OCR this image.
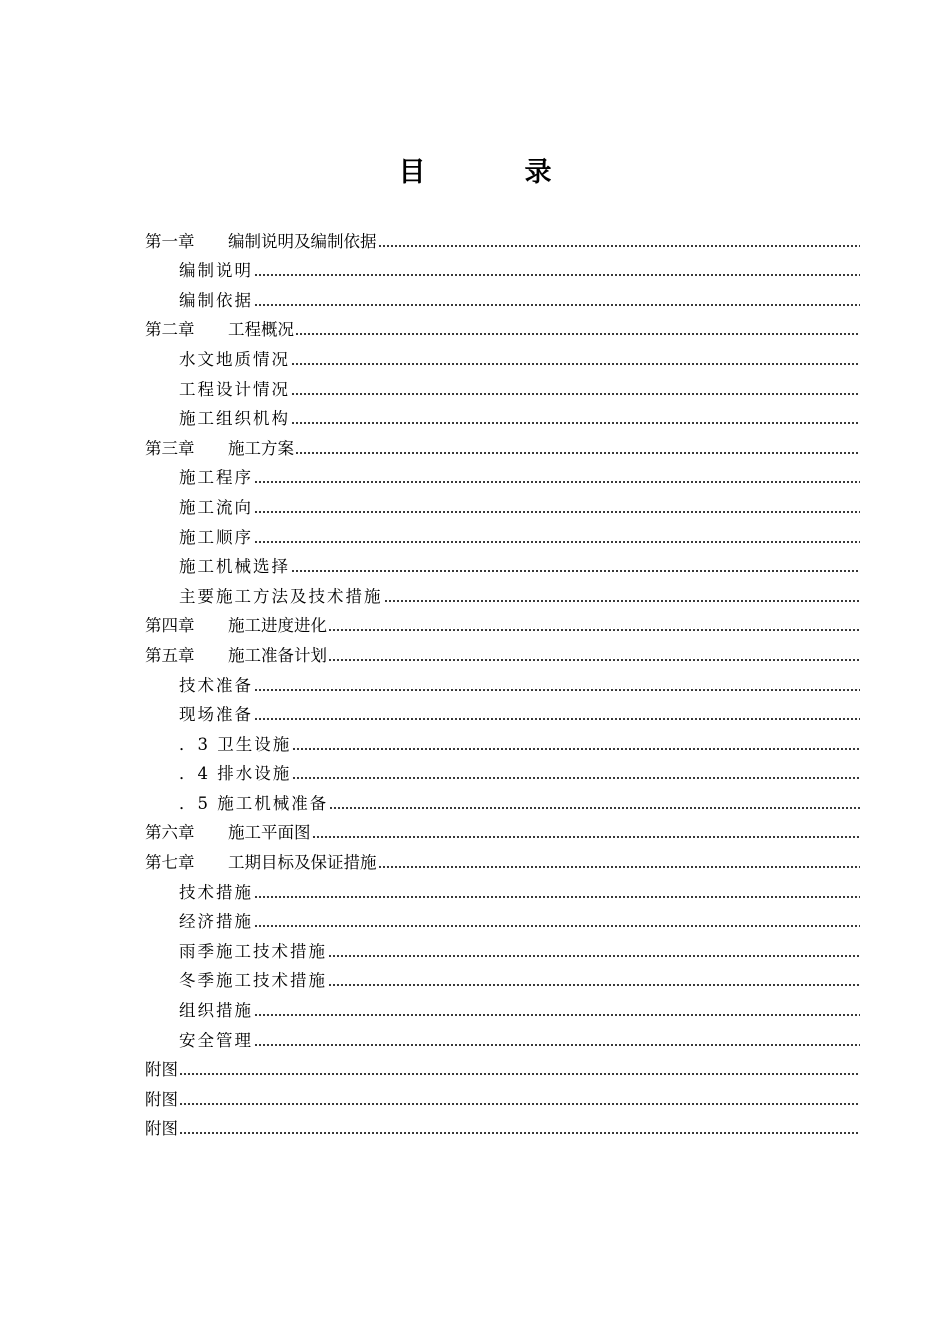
目　录
第一章	编制说明及编制依据
编制说明
编制依据
第二章	工程概况
水文地质情况
工程设计情况
施工组织机构
第三章	施工方案
施工程序
施工流向
施工顺序
施工机械选择
主要施工方法及技术措施
第四章	施工进度进化
第五章	施工准备计划
技术准备
现场准备
．3 卫生设施
．4 排水设施
．5 施工机械准备
第六章	施工平面图
第七章	工期目标及保证措施
技术措施
经济措施
雨季施工技术措施
冬季施工技术措施
组织措施
安全管理
附图
附图
附图
